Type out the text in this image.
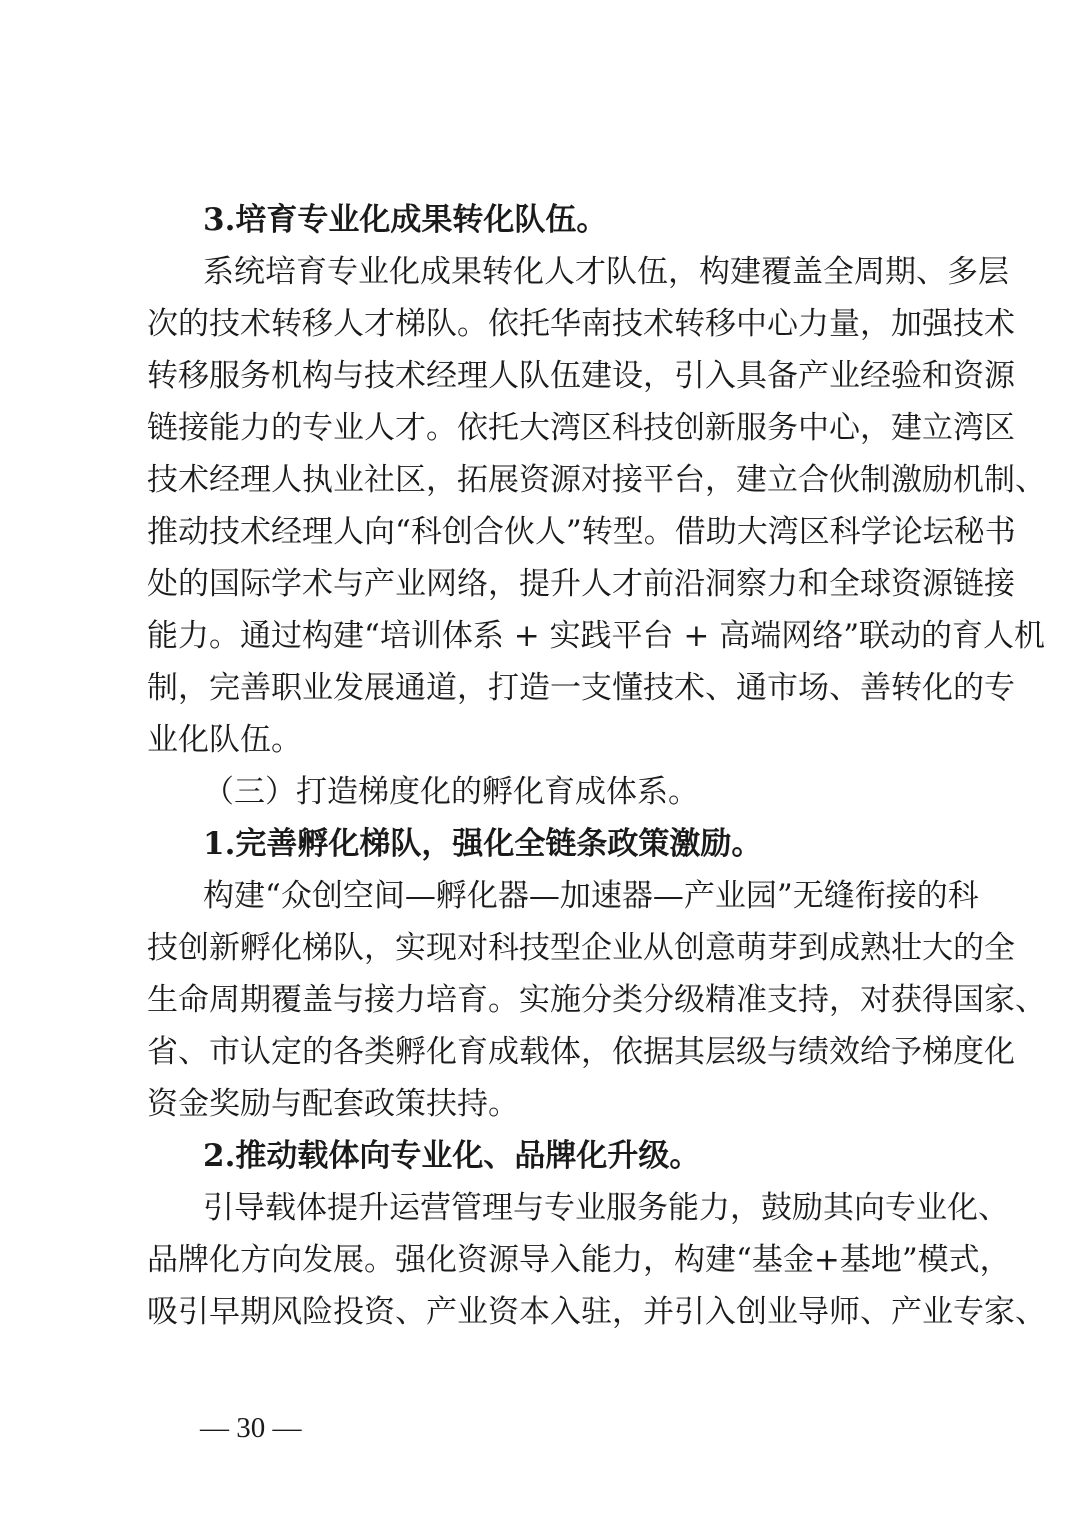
3.培育专业化成果转化队伍。
系统培育专业化成果转化人才队伍，构建覆盖全周期、多层
次的技术转移人才梯队。依托华南技术转移中心力量，加强技术
转移服务机构与技术经理人队伍建设，引入具备产业经验和资源
链接能力的专业人才。依托大湾区科技创新服务中心，建立湾区
技术经理人执业社区，拓展资源对接平台，建立合伙制激励机制、
推动技术经理人向“科创合伙人”转型。借助大湾区科学论坛秘书
处的国际学术与产业网络，提升人才前沿洞察力和全球资源链接
能力。通过构建“培训体系 + 实践平台 + 高端网络”联动的育人机
制，完善职业发展通道，打造一支懂技术、通市场、善转化的专
业化队伍。
（三）打造梯度化的孵化育成体系。
1.完善孵化梯队，强化全链条政策激励。
构建“众创空间—孵化器—加速器—产业园”无缝衔接的科
技创新孵化梯队，实现对科技型企业从创意萌芽到成熟壮大的全
生命周期覆盖与接力培育。实施分类分级精准支持，对获得国家、
省、市认定的各类孵化育成载体，依据其层级与绩效给予梯度化
资金奖励与配套政策扶持。
2.推动载体向专业化、品牌化升级。
引导载体提升运营管理与专业服务能力，鼓励其向专业化、
品牌化方向发展。强化资源导入能力，构建“基金+基地”模式，
吸引早期风险投资、产业资本入驻，并引入创业导师、产业专家、
— 30 —
